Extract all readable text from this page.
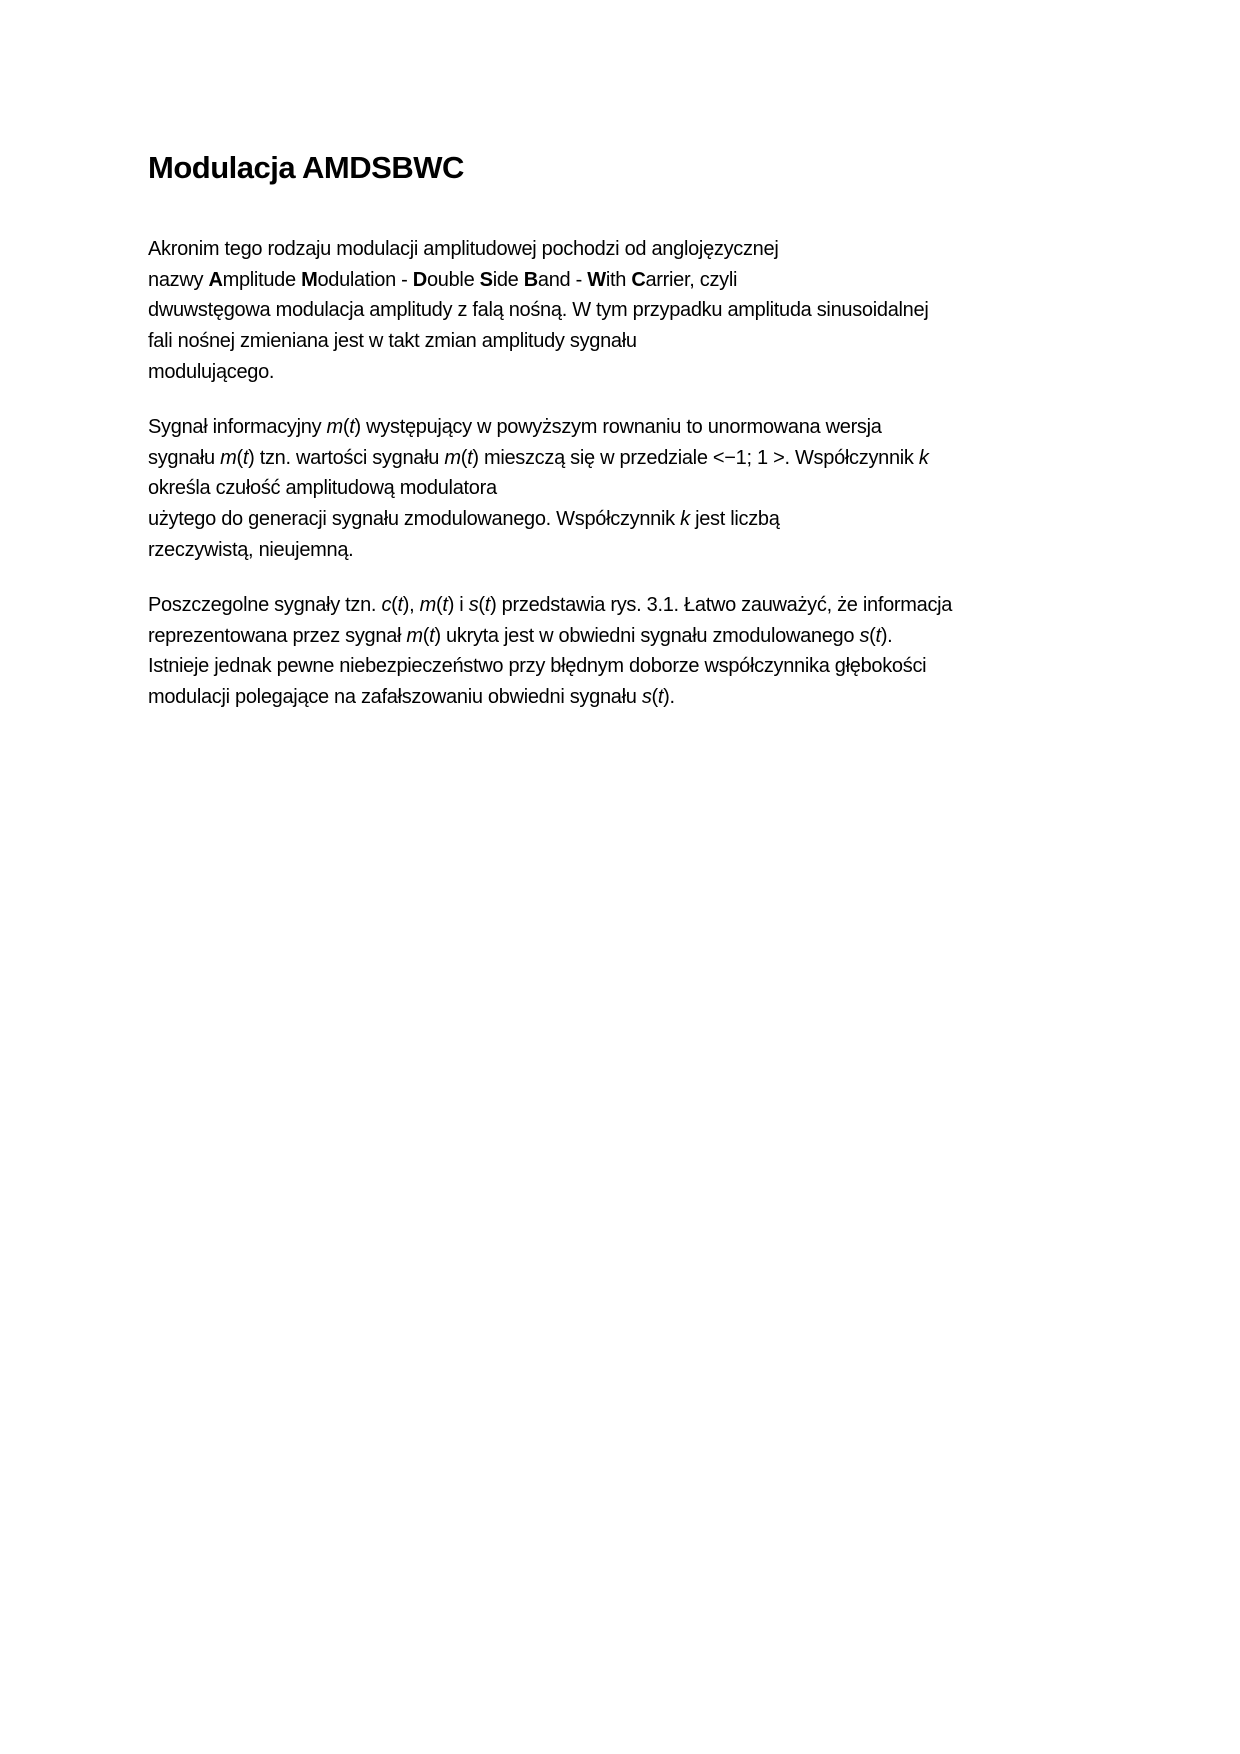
Modulacja AMDSBWC
Akronim tego rodzaju modulacji amplitudowej pochodzi od anglojęzycznej
nazwy Amplitude Modulation - Double Side Band - With Carrier, czyli
dwuwstęgowa modulacja amplitudy z falą nośną. W tym przypadku amplituda sinusoidalnej
fali nośnej zmieniana jest w takt zmian amplitudy sygnału
modulującego.
Sygnał informacyjny m(t) występujący w powyższym rownaniu to unormowana wersja
sygnału m(t) tzn. wartości sygnału m(t) mieszczą się w przedziale <−1; 1 >. Współczynnik k
określa czułość amplitudową modulatora
użytego do generacji sygnału zmodulowanego. Współczynnik k jest liczbą
rzeczywistą, nieujemną.
Poszczegolne sygnały tzn. c(t), m(t) i s(t) przedstawia rys. 3.1. Łatwo zauważyć, że informacja
reprezentowana przez sygnał m(t) ukryta jest w obwiedni sygnału zmodulowanego s(t).
Istnieje jednak pewne niebezpieczeństwo przy błędnym doborze współczynnika głębokości
modulacji polegające na zafałszowaniu obwiedni sygnału s(t).
